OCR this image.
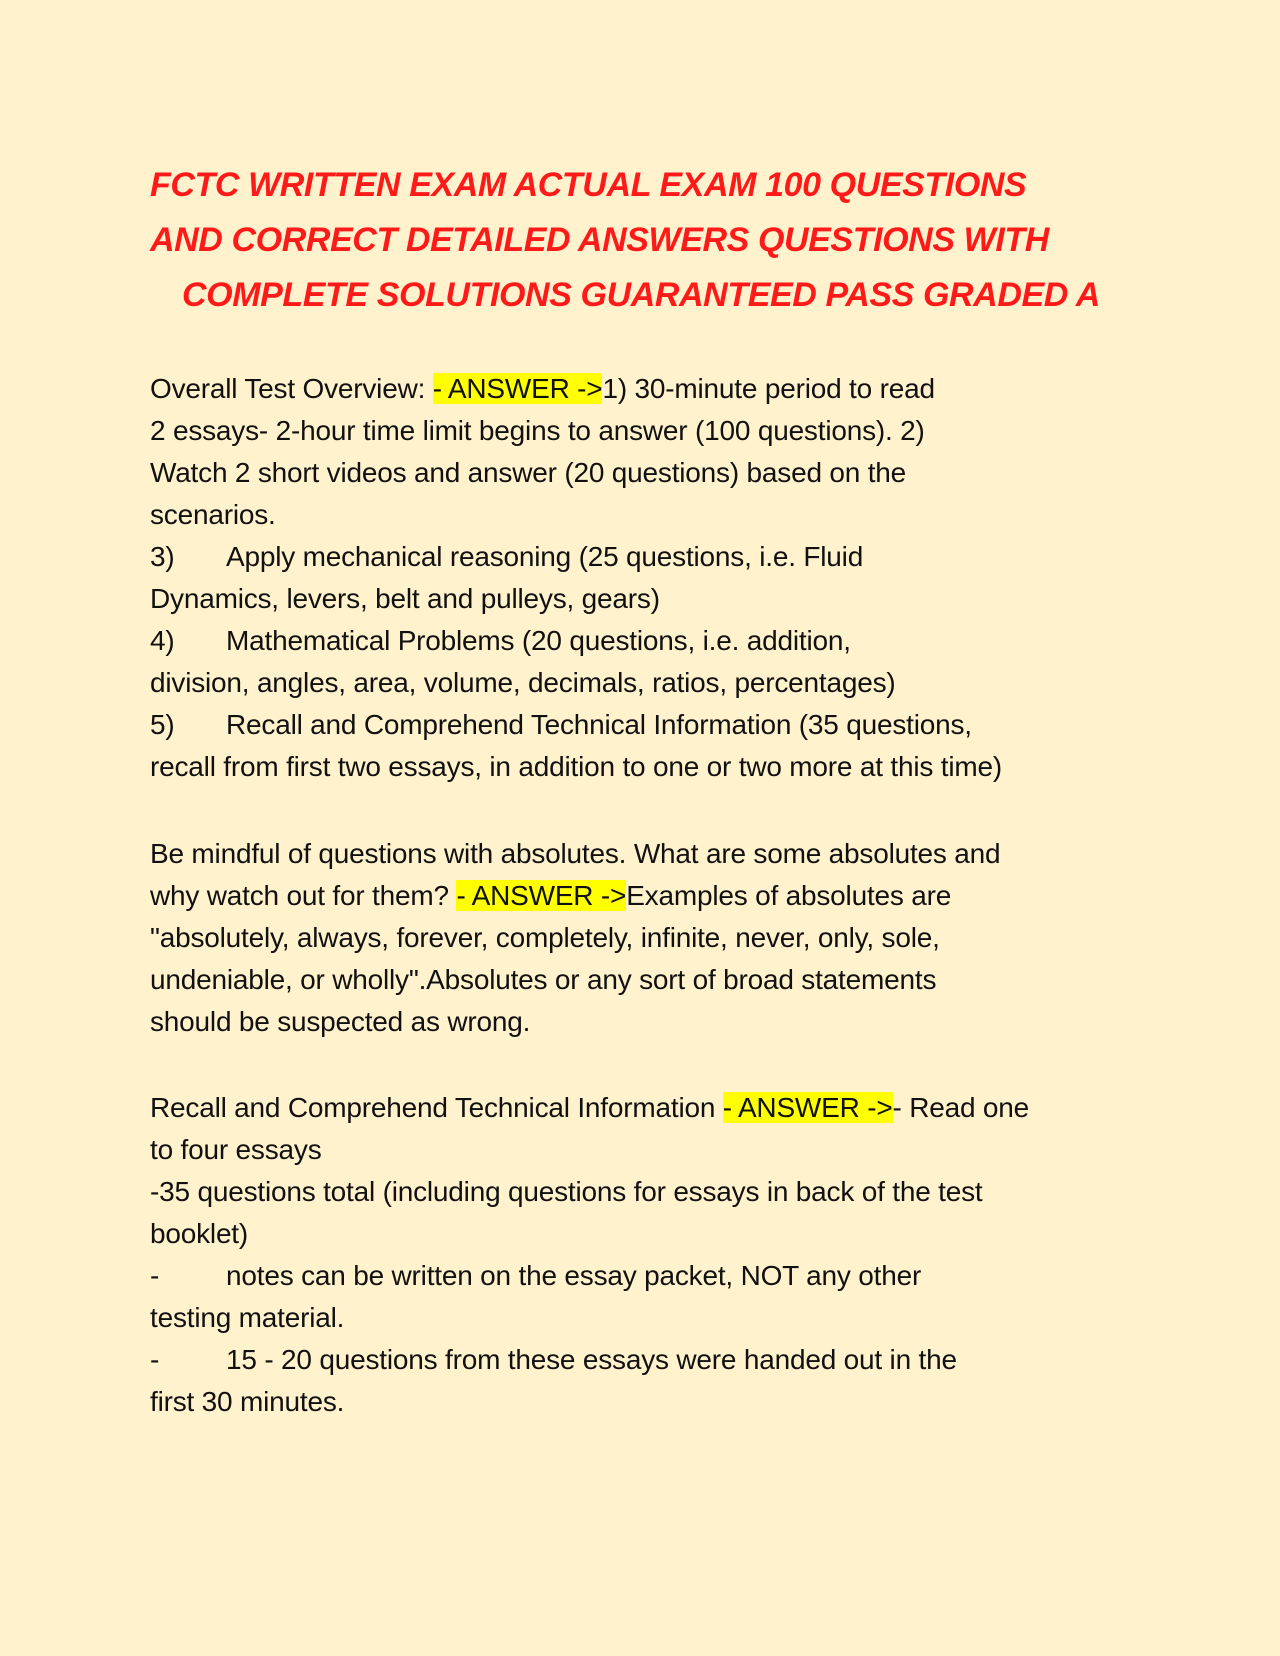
FCTC WRITTEN EXAM ACTUAL EXAM 100 QUESTIONS
AND CORRECT DETAILED ANSWERS QUESTIONS WITH
COMPLETE SOLUTIONS GUARANTEED PASS GRADED A
Overall Test Overview: - ANSWER ->1) 30-minute period to read
2 essays- 2-hour time limit begins to answer (100 questions). 2)
Watch 2 short videos and answer (20 questions) based on the
scenarios.
3) Apply mechanical reasoning (25 questions, i.e. Fluid
Dynamics, levers, belt and pulleys, gears)
4) Mathematical Problems (20 questions, i.e. addition,
division, angles, area, volume, decimals, ratios, percentages)
5) Recall and Comprehend Technical Information (35 questions,
recall from first two essays, in addition to one or two more at this time)
Be mindful of questions with absolutes. What are some absolutes and
why watch out for them? - ANSWER ->Examples of absolutes are
"absolutely, always, forever, completely, infinite, never, only, sole,
undeniable, or wholly".Absolutes or any sort of broad statements
should be suspected as wrong.
Recall and Comprehend Technical Information - ANSWER ->- Read one
to four essays
-35 questions total (including questions for essays in back of the test
booklet)
- notes can be written on the essay packet, NOT any other
testing material.
- 15 - 20 questions from these essays were handed out in the
first 30 minutes.
